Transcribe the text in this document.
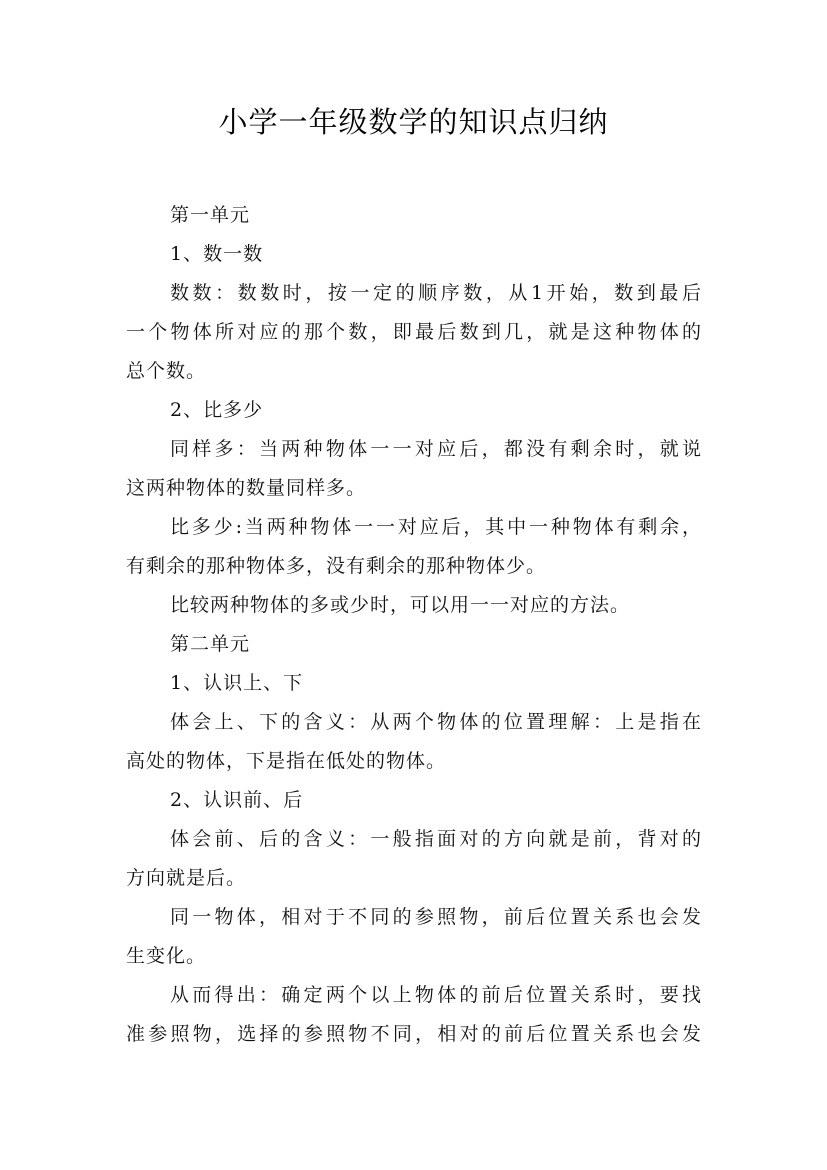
小学一年级数学的知识点归纳
第一单元
1、数一数
数数：数数时，按一定的顺序数，从1开始，数到最后
一个物体所对应的那个数，即最后数到几，就是这种物体的
总个数。
2、比多少
同样多：当两种物体一一对应后，都没有剩余时，就说
这两种物体的数量同样多。
比多少:当两种物体一一对应后，其中一种物体有剩余，
有剩余的那种物体多，没有剩余的那种物体少。
比较两种物体的多或少时，可以用一一对应的方法。
第二单元
1、认识上、下
体会上、下的含义：从两个物体的位置理解：上是指在
高处的物体，下是指在低处的物体。
2、认识前、后
体会前、后的含义：一般指面对的方向就是前，背对的
方向就是后。
同一物体，相对于不同的参照物，前后位置关系也会发
生变化。
从而得出：确定两个以上物体的前后位置关系时，要找
准参照物，选择的参照物不同，相对的前后位置关系也会发
